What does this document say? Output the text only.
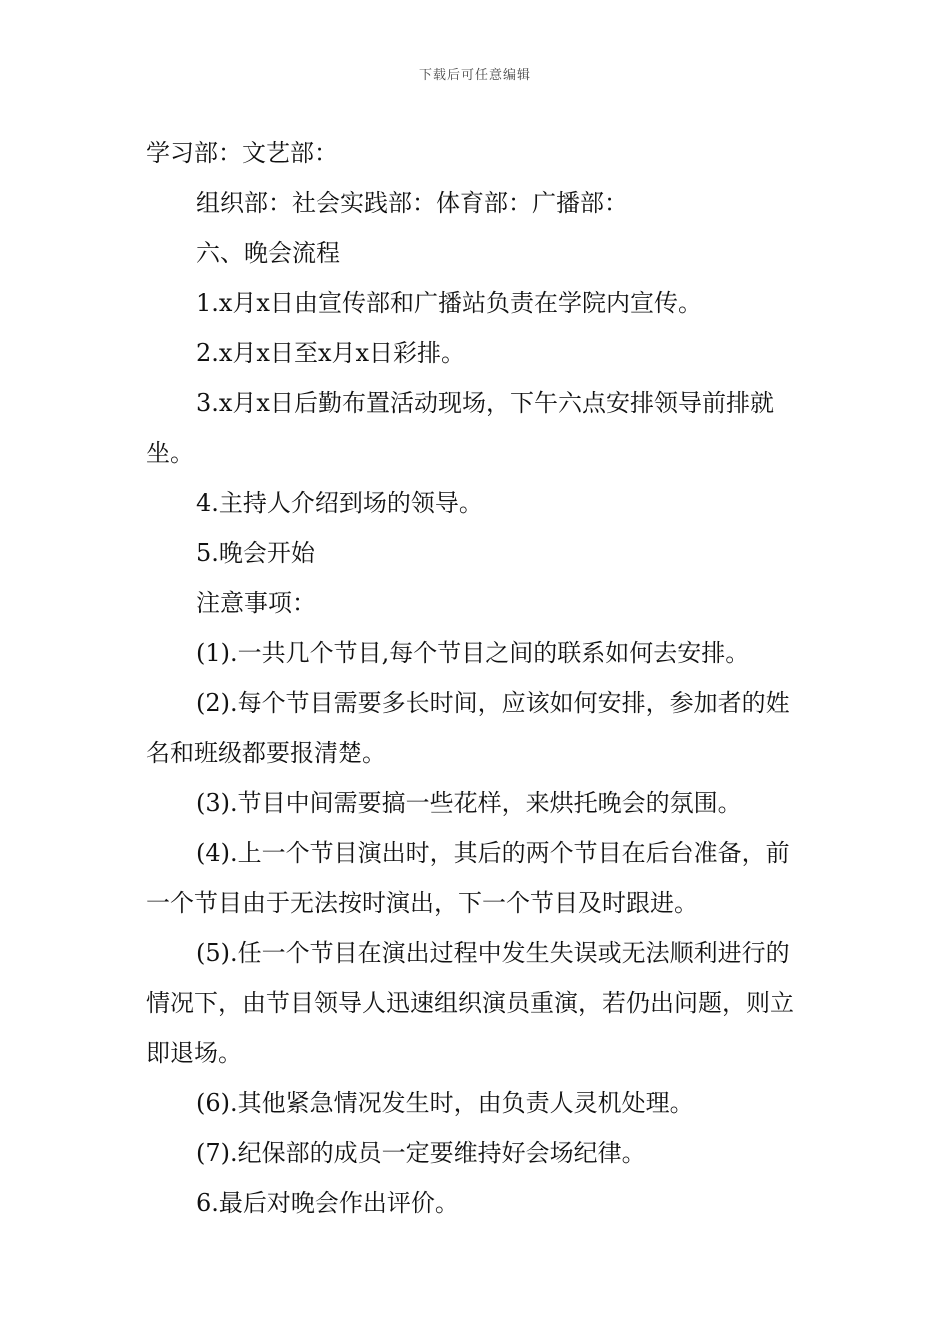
下载后可任意编辑

学习部：文艺部：

组织部：社会实践部：体育部：广播部：

六、晚会流程

1.x月x日由宣传部和广播站负责在学院内宣传。

2.x月x日至x月x日彩排。

3.x月x日后勤布置活动现场，下午六点安排领导前排就坐。

4.主持人介绍到场的领导。

5.晚会开始

注意事项：

(1).一共几个节目,每个节目之间的联系如何去安排。

(2).每个节目需要多长时间，应该如何安排，参加者的姓名和班级都要报清楚。

(3).节目中间需要搞一些花样，来烘托晚会的氛围。

(4).上一个节目演出时，其后的两个节目在后台准备，前一个节目由于无法按时演出，下一个节目及时跟进。

(5).任一个节目在演出过程中发生失误或无法顺利进行的情况下，由节目领导人迅速组织演员重演，若仍出问题，则立即退场。

(6).其他紧急情况发生时，由负责人灵机处理。

(7).纪保部的成员一定要维持好会场纪律。

6.最后对晚会作出评价。
